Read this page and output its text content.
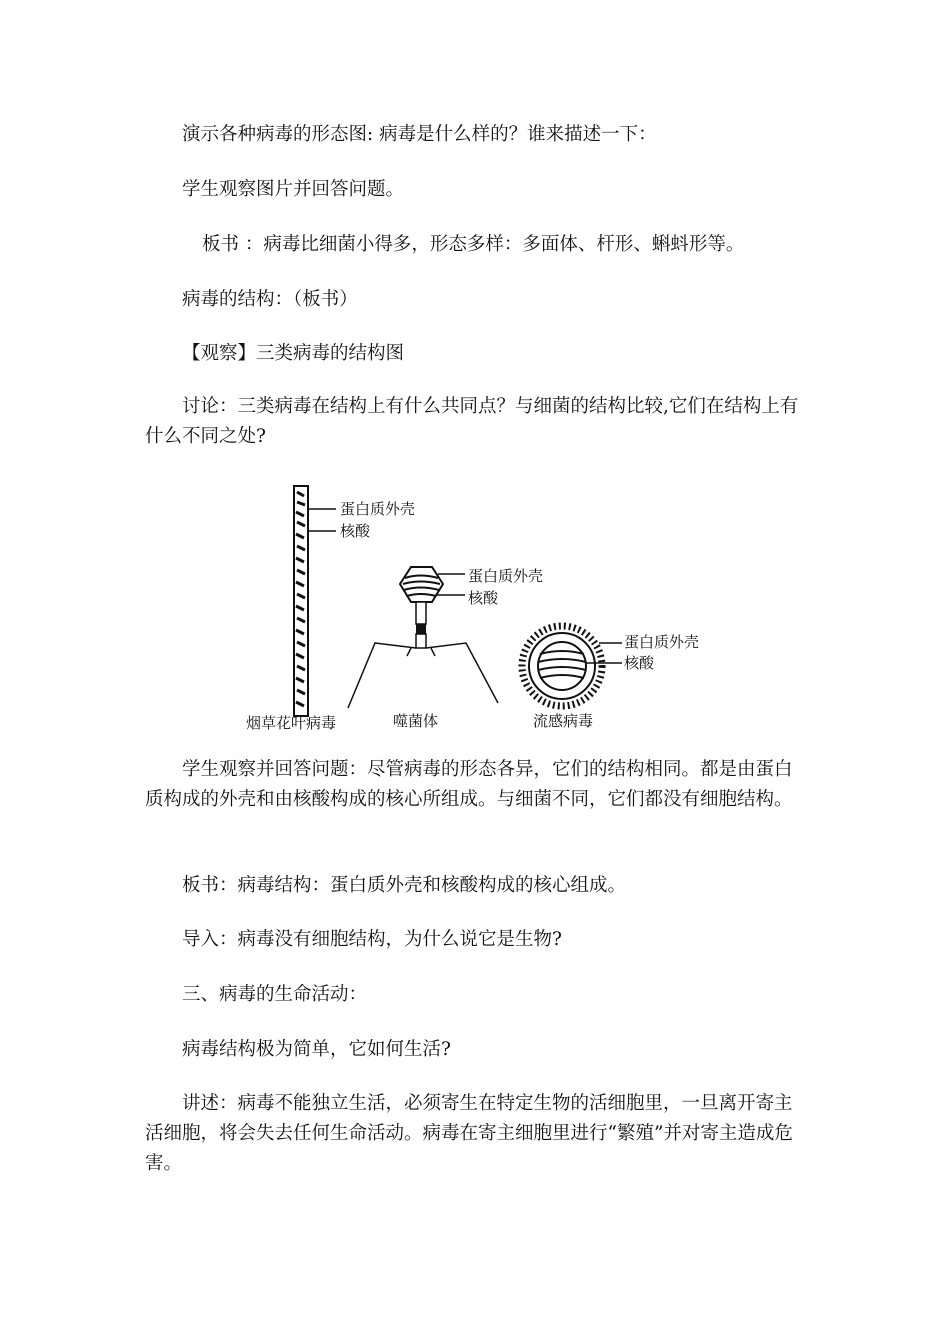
演示各种病毒的形态图: 病毒是什么样的？谁来描述一下：
学生观察图片并回答问题。
板书 ：病毒比细菌小得多，形态多样：多面体、杆形、蝌蚪形等。
病毒的结构：（板书）
【观察】三类病毒的结构图
讨论：三类病毒在结构上有什么共同点？与细菌的结构比较,它们在结构上有什么不同之处?
蛋白质外壳
核酸
烟草花叶病毒
蛋白质外壳
核酸
噬菌体
蛋白质外壳
核酸
流感病毒
学生观察并回答问题：尽管病毒的形态各异，它们的结构相同。都是由蛋白质构成的外壳和由核酸构成的核心所组成。与细菌不同，它们都没有细胞结构。
板书：病毒结构：蛋白质外壳和核酸构成的核心组成。
导入：病毒没有细胞结构，为什么说它是生物?
三、病毒的生命活动：
病毒结构极为简单，它如何生活?
讲述：病毒不能独立生活，必须寄生在特定生物的活细胞里，一旦离开寄主活细胞，将会失去任何生命活动。病毒在寄主细胞里进行“繁殖”并对寄主造成危害。
